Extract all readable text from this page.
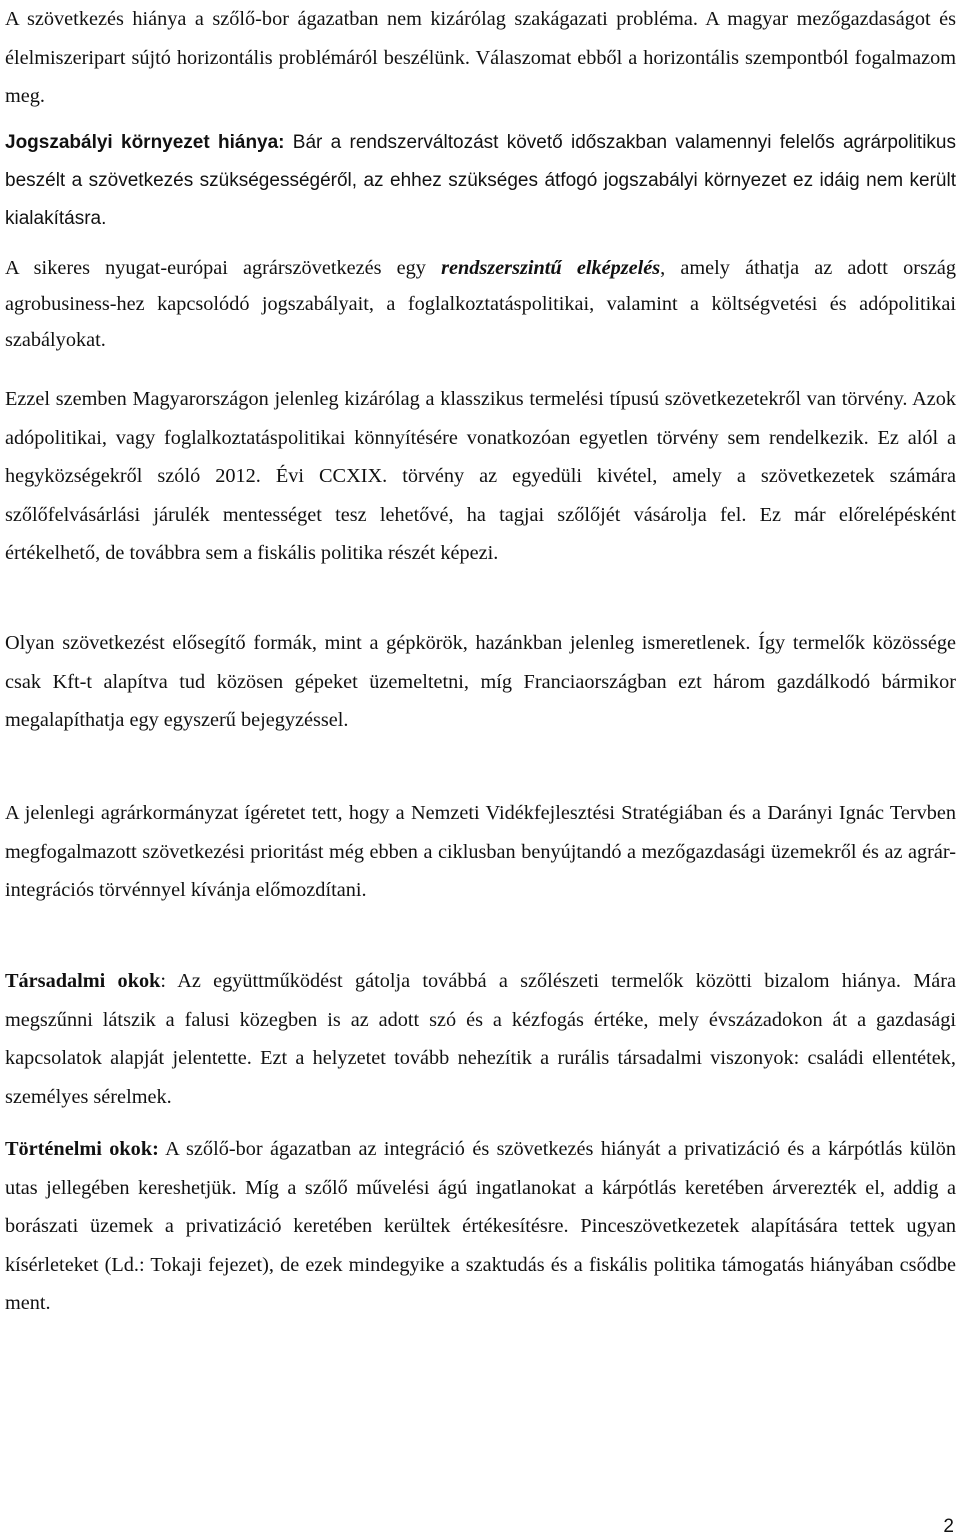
A szövetkezés hiánya a szőlő-bor ágazatban nem kizárólag szakágazati probléma. A magyar mezőgazdaságot és élelmiszeripart sújtó horizontális problémáról beszélünk. Válaszomat ebből a horizontális szempontból fogalmazom meg.

Jogszabályi környezet hiánya: Bár a rendszerváltozást követő időszakban valamennyi felelős agrárpolitikus beszélt a szövetkezés szükségességéről, az ehhez szükséges átfogó jogszabályi környezet ez idáig nem került kialakításra.

A sikeres nyugat-európai agrárszövetkezés egy rendszerszintű elképzelés, amely áthatja az adott ország agrobusiness-hez kapcsolódó jogszabályait, a foglalkoztatáspolitikai, valamint a költségvetési és adópolitikai szabályokat.

Ezzel szemben Magyarországon jelenleg kizárólag a klasszikus termelési típusú szövetkezetekről van törvény. Azok adópolitikai, vagy foglalkoztatáspolitikai könnyítésére vonatkozóan egyetlen törvény sem rendelkezik. Ez alól a hegyközségekről szóló 2012. Évi CCXIX. törvény az egyedüli kivétel, amely a szövetkezetek számára szőlőfelvásárlási járulék mentességet tesz lehetővé, ha tagjai szőlőjét vásárolja fel. Ez már előrelépésként értékelhető, de továbbra sem a fiskális politika részét képezi.

Olyan szövetkezést elősegítő formák, mint a gépkörök, hazánkban jelenleg ismeretlenek. Így termelők közössége csak Kft-t alapítva tud közösen gépeket üzemeltetni, míg Franciaországban ezt három gazdálkodó bármikor megalapíthatja egy egyszerű bejegyzéssel.

A jelenlegi agrárkormányzat ígéretet tett, hogy a Nemzeti Vidékfejlesztési Stratégiában és a Darányi Ignác Tervben megfogalmazott szövetkezési prioritást még ebben a ciklusban benyújtandó a mezőgazdasági üzemekről és az agrár-integrációs törvénnyel kívánja előmozdítani.

Társadalmi okok: Az együttműködést gátolja továbbá a szőlészeti termelők közötti bizalom hiánya. Mára megszűnni látszik a falusi közegben is az adott szó és a kézfogás értéke, mely évszázadokon át a gazdasági kapcsolatok alapját jelentette. Ezt a helyzetet tovább nehezítik a rurális társadalmi viszonyok: családi ellentétek, személyes sérelmek.

Történelmi okok: A szőlő-bor ágazatban az integráció és szövetkezés hiányát a privatizáció és a kárpótlás külön utas jellegében kereshetjük. Míg a szőlő művelési ágú ingatlanokat a kárpótlás keretében árverezték el, addig a borászati üzemek a privatizáció keretében kerültek értékesítésre. Pinceszövetkezetek alapítására tettek ugyan kísérleteket (Ld.: Tokaji fejezet), de ezek mindegyike a szaktudás és a fiskális politika támogatás hiányában csődbe ment.

2
